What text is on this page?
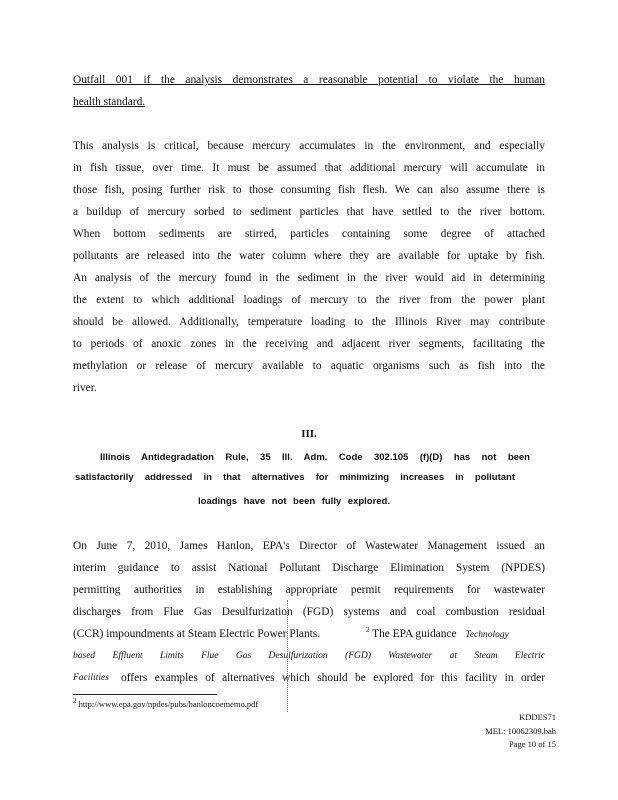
Outfall 001 if the analysis demonstrates a reasonable potential to violate the human
health standard.
This analysis is critical, because mercury accumulates in the environment, and especially
in fish tissue, over time. It must be assumed that additional mercury will accumulate in
those fish, posing further risk to those consuming fish flesh. We can also assume there is
a buildup of mercury sorbed to sediment particles that have settled to the river bottom.
When bottom sediments are stirred, particles containing some degree of attached
pollutants are released into the water column where they are available for uptake by fish.
An analysis of the mercury found in the sediment in the river would aid in determining
the extent to which additional loadings of mercury to the river from the power plant
should be allowed. Additionally, temperature loading to the Illinois River may contribute
to periods of anoxic zones in the receiving and adjacent river segments, facilitating the
methylation or release of mercury available to aquatic organisms such as fish into the
river.
III.
Illinois Antidegradation Rule, 35 Ill. Adm. Code 302.105 (f)(D) has not been
satisfactorily addressed in that alternatives for minimizing increases in pollutant
loadings have not been fully explored.
On June 7, 2010, James Hanlon, EPA's Director of Wastewater Management issued an
interim guidance to assist National Pollutant Discharge Elimination System (NPDES)
permitting authorities in establishing appropriate permit requirements for wastewater
discharges from Flue Gas Desulfurization (FGD) systems and coal combustion residual
(CCR) impoundments at Steam Electric Power Plants.	$^2$ The EPA guidance Technology
based Effluent Limits Flue Gas Desulfurization (FGD) Wastewater at Steam Electric
Facilities offers examples of alternatives which should be explored for this facility in order
$^2$ http://www.epa.gov/npdes/pubs/hanloncoememo.pdf
KDDES71
MEL: 10062309.bah
Page 10 of 15
